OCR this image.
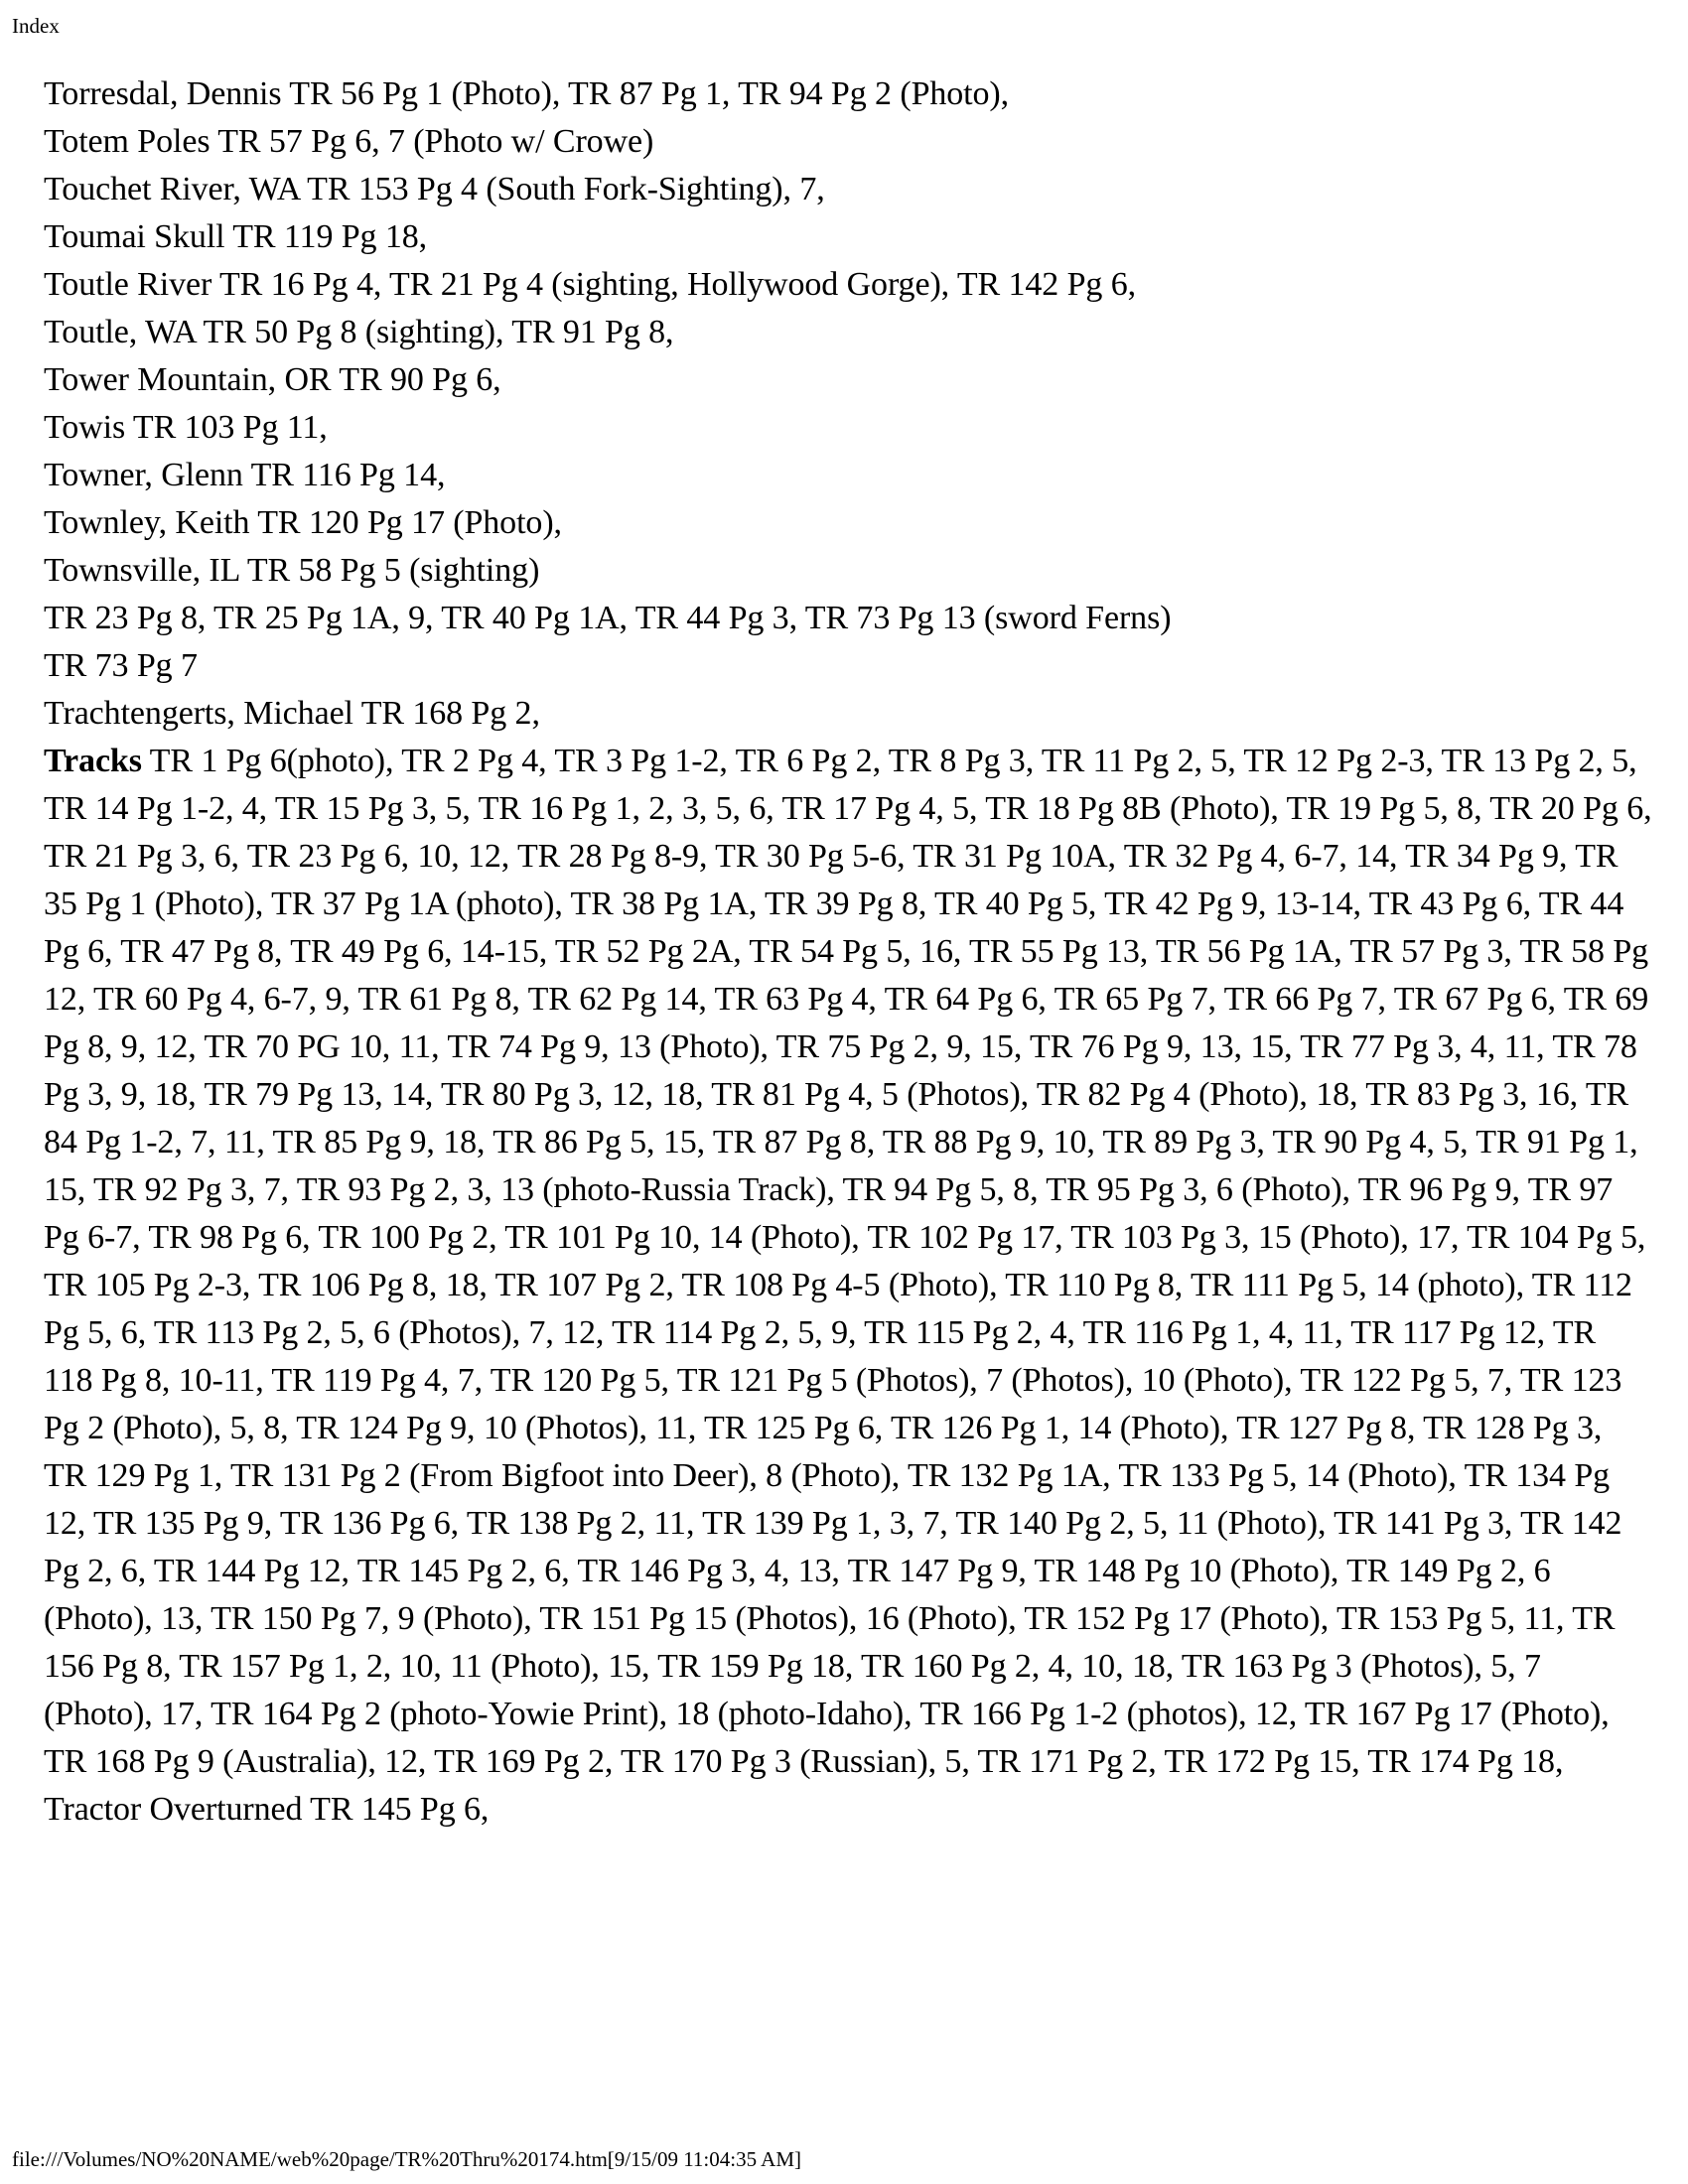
Index

Torresdal, Dennis TR 56 Pg 1 (Photo), TR 87 Pg 1, TR 94 Pg 2 (Photo),

Totem Poles TR 57 Pg 6, 7 (Photo w/ Crowe)

Touchet River, WA TR 153 Pg 4 (South Fork-Sighting), 7,

Toumai Skull TR 119 Pg 18,

Toutle River TR 16 Pg 4, TR 21 Pg 4 (sighting, Hollywood Gorge), TR 142 Pg 6,

Toutle, WA TR 50 Pg 8 (sighting), TR 91 Pg 8,

Tower Mountain, OR TR 90 Pg 6,

Towis TR 103 Pg 11,

Towner, Glenn TR 116 Pg 14,

Townley, Keith TR 120 Pg 17 (Photo),

Townsville, IL TR 58 Pg 5 (sighting)

TR 23 Pg 8, TR 25 Pg 1A, 9, TR 40 Pg 1A, TR 44 Pg 3, TR 73 Pg 13 (sword Ferns)

TR 73 Pg 7

Trachtengerts, Michael TR 168 Pg 2,

Tracks TR 1 Pg 6(photo), TR 2 Pg 4, TR 3 Pg 1-2, TR 6 Pg 2, TR 8 Pg 3, TR 11 Pg 2, 5, TR 12 Pg 2-3, TR 13 Pg 2, 5, TR 14 Pg 1-2, 4, TR 15 Pg 3, 5, TR 16 Pg 1, 2, 3, 5, 6, TR 17 Pg 4, 5, TR 18 Pg 8B (Photo), TR 19 Pg 5, 8, TR 20 Pg 6, TR 21 Pg 3, 6, TR 23 Pg 6, 10, 12, TR 28 Pg 8-9, TR 30 Pg 5-6, TR 31 Pg 10A, TR 32 Pg 4, 6-7, 14, TR 34 Pg 9, TR 35 Pg 1 (Photo), TR 37 Pg 1A (photo), TR 38 Pg 1A, TR 39 Pg 8, TR 40 Pg 5, TR 42 Pg 9, 13-14, TR 43 Pg 6, TR 44 Pg 6, TR 47 Pg 8, TR 49 Pg 6, 14-15, TR 52 Pg 2A, TR 54 Pg 5, 16, TR 55 Pg 13, TR 56 Pg 1A, TR 57 Pg 3, TR 58 Pg 12, TR 60 Pg 4, 6-7, 9, TR 61 Pg 8, TR 62 Pg 14, TR 63 Pg 4, TR 64 Pg 6, TR 65 Pg 7, TR 66 Pg 7, TR 67 Pg 6, TR 69 Pg 8, 9, 12, TR 70 PG 10, 11, TR 74 Pg 9, 13 (Photo), TR 75 Pg 2, 9, 15, TR 76 Pg 9, 13, 15, TR 77 Pg 3, 4, 11, TR 78 Pg 3, 9, 18, TR 79 Pg 13, 14, TR 80 Pg 3, 12, 18, TR 81 Pg 4, 5 (Photos), TR 82 Pg 4 (Photo), 18, TR 83 Pg 3, 16, TR 84 Pg 1-2, 7, 11, TR 85 Pg 9, 18, TR 86 Pg 5, 15, TR 87 Pg 8, TR 88 Pg 9, 10, TR 89 Pg 3, TR 90 Pg 4, 5, TR 91 Pg 1, 15, TR 92 Pg 3, 7, TR 93 Pg 2, 3, 13 (photo-Russia Track), TR 94 Pg 5, 8, TR 95 Pg 3, 6 (Photo), TR 96 Pg 9, TR 97 Pg 6-7, TR 98 Pg 6, TR 100 Pg 2, TR 101 Pg 10, 14 (Photo), TR 102 Pg 17, TR 103 Pg 3, 15 (Photo), 17, TR 104 Pg 5, TR 105 Pg 2-3, TR 106 Pg 8, 18, TR 107 Pg 2, TR 108 Pg 4-5 (Photo), TR 110 Pg 8, TR 111 Pg 5, 14 (photo), TR 112 Pg 5, 6, TR 113 Pg 2, 5, 6 (Photos), 7, 12, TR 114 Pg 2, 5, 9, TR 115 Pg 2, 4, TR 116 Pg 1, 4, 11, TR 117 Pg 12, TR 118 Pg 8, 10-11, TR 119 Pg 4, 7, TR 120 Pg 5, TR 121 Pg 5 (Photos), 7 (Photos), 10 (Photo), TR 122 Pg 5, 7, TR 123 Pg 2 (Photo), 5, 8, TR 124 Pg 9, 10 (Photos), 11, TR 125 Pg 6, TR 126 Pg 1, 14 (Photo), TR 127 Pg 8, TR 128 Pg 3, TR 129 Pg 1, TR 131 Pg 2 (From Bigfoot into Deer), 8 (Photo), TR 132 Pg 1A, TR 133 Pg 5, 14 (Photo), TR 134 Pg 12, TR 135 Pg 9, TR 136 Pg 6, TR 138 Pg 2, 11, TR 139 Pg 1, 3, 7, TR 140 Pg 2, 5, 11 (Photo), TR 141 Pg 3, TR 142 Pg 2, 6, TR 144 Pg 12, TR 145 Pg 2, 6, TR 146 Pg 3, 4, 13, TR 147 Pg 9, TR 148 Pg 10 (Photo), TR 149 Pg 2, 6 (Photo), 13, TR 150 Pg 7, 9 (Photo), TR 151 Pg 15 (Photos), 16 (Photo), TR 152 Pg 17 (Photo), TR 153 Pg 5, 11, TR 156 Pg 8, TR 157 Pg 1, 2, 10, 11 (Photo), 15, TR 159 Pg 18, TR 160 Pg 2, 4, 10, 18, TR 163 Pg 3 (Photos), 5, 7 (Photo), 17, TR 164 Pg 2 (photo-Yowie Print), 18 (photo-Idaho), TR 166 Pg 1-2 (photos), 12, TR 167 Pg 17 (Photo), TR 168 Pg 9 (Australia), 12, TR 169 Pg 2, TR 170 Pg 3 (Russian), 5, TR 171 Pg 2, TR 172 Pg 15, TR 174 Pg 18,

Tractor Overturned TR 145 Pg 6,

file:///Volumes/NO%20NAME/web%20page/TR%20Thru%20174.htm[9/15/09 11:04:35 AM]
